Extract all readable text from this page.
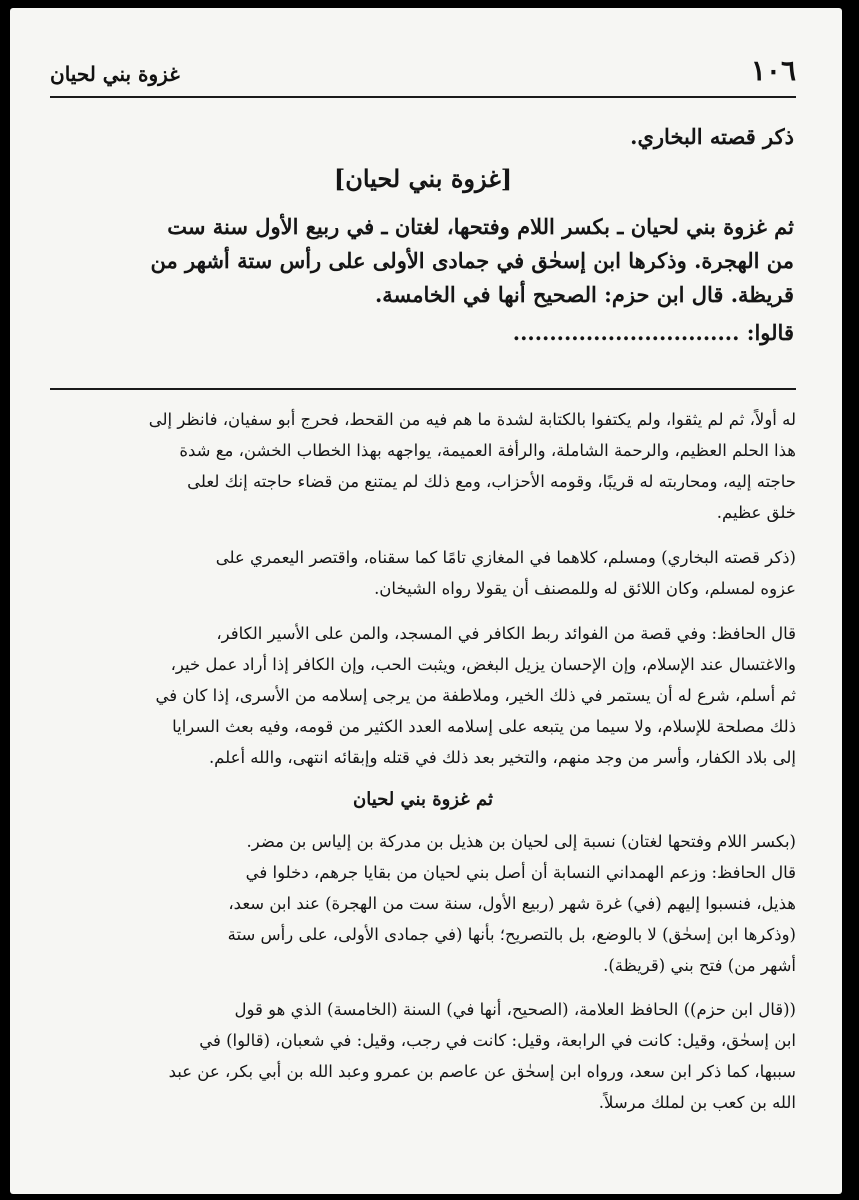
غزوة بني لحيان	١٠٦
ذكر قصته البخاري.
[غزوة بني لحيان]
ثم غزوة بني لحيان ـ بكسر اللام وفتحها، لغتان ـ في ربيع الأول سنة ست
من الهجرة. وذكرها ابن إسحٰق في جمادى الأولى على رأس ستة أشهر من
قريظة. قال ابن حزم: الصحيح أنها في الخامسة.
قالوا: ...............................
له أولاً، ثم لم يثقوا، ولم يكتفوا بالكتابة لشدة ما هم فيه من القحط، فحرج أبو سفيان، فانظر إلى
هذا الحلم العظيم، والرحمة الشاملة، والرأفة العميمة، يواجهه بهذا الخطاب الخشن، مع شدة
حاجته إليه، ومحاربته له قريبًا، وقومه الأحزاب، ومع ذلك لم يمتنع من قضاء حاجته إنك لعلى
خلق عظيم.
(ذكر قصته البخاري) ومسلم، كلاهما في المغازي تامًا كما سقناه، واقتصر اليعمري على
عزوه لمسلم، وكان اللائق له وللمصنف أن يقولا رواه الشيخان.
قال الحافظ: وفي قصة من الفوائد ربط الكافر في المسجد، والمن على الأسير الكافر،
والاغتسال عند الإسلام، وإن الإحسان يزيل البغض، ويثبت الحب، وإن الكافر إذا أراد عمل خير،
ثم أسلم، شرع له أن يستمر في ذلك الخير، وملاطفة من يرجى إسلامه من الأسرى، إذا كان في
ذلك مصلحة للإسلام، ولا سيما من يتبعه على إسلامه العدد الكثير من قومه، وفيه بعث السرايا
إلى بلاد الكفار، وأسر من وجد منهم، والتخير بعد ذلك في قتله وإبقائه انتهى، والله أعلم.
ثم غزوة بني لحيان
(بكسر اللام وفتحها لغتان) نسبة إلى لحيان بن هذيل بن مدركة بن إلياس بن مضر.
قال الحافظ: وزعم الهمداني النسابة أن أصل بني لحيان من بقايا جرهم، دخلوا في
هذيل، فنسبوا إليهم (في) غرة شهر (ربيع الأول، سنة ست من الهجرة) عند ابن سعد،
(وذكرها ابن إسحٰق) لا بالوضع، بل بالتصريح؛ بأنها (في جمادى الأولى، على رأس ستة
أشهر من) فتح بني (قريظة).
((قال ابن حزم)) الحافظ العلامة، (الصحيح، أنها في) السنة (الخامسة) الذي هو قول
ابن إسحٰق، وقيل: كانت في الرابعة، وقيل: كانت في رجب، وقيل: في شعبان، (قالوا) في
سببها، كما ذكر ابن سعد، ورواه ابن إسحٰق عن عاصم بن عمرو وعبد الله بن أبي بكر، عن عبد
الله بن كعب بن لملك مرسلاً.
